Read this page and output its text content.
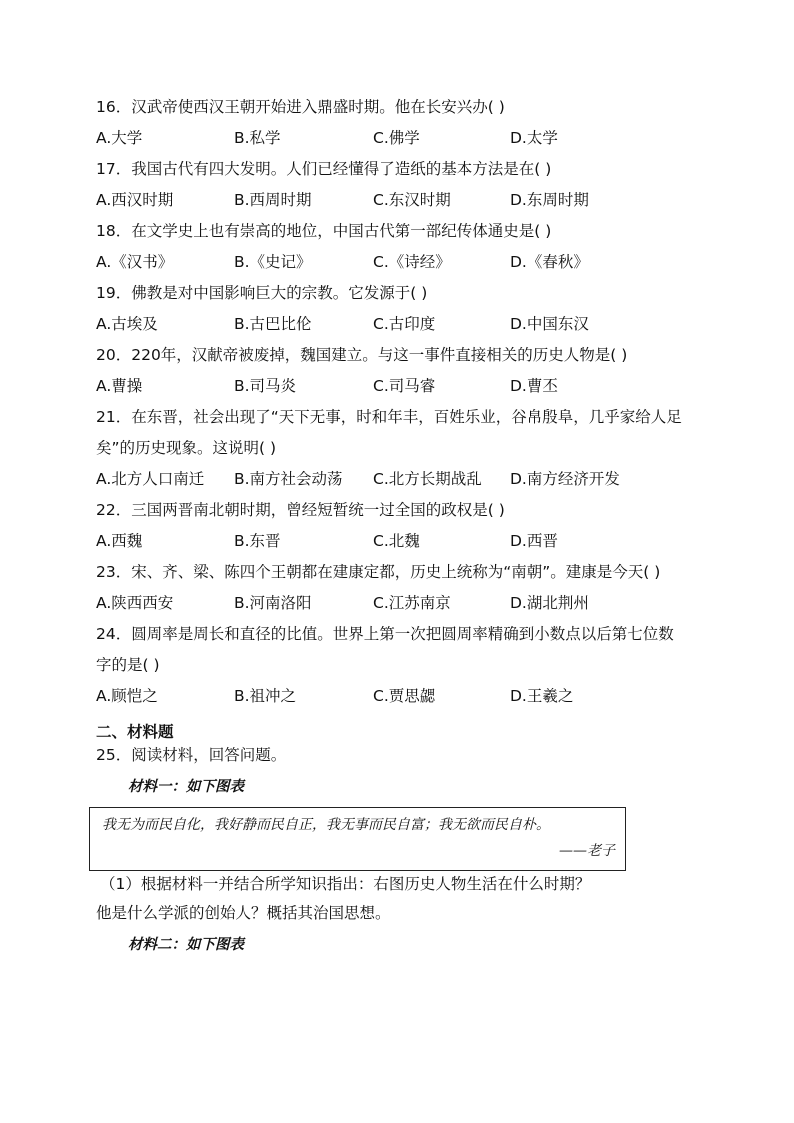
16．汉武帝使西汉王朝开始进入鼎盛时期。他在长安兴办( )
A.大学	B.私学	C.佛学	D.太学
17．我国古代有四大发明。人们已经懂得了造纸的基本方法是在( )
A.西汉时期	B.西周时期	C.东汉时期	D.东周时期
18．在文学史上也有崇高的地位，中国古代第一部纪传体通史是( )
A.《汉书》	B.《史记》	C.《诗经》	D.《春秋》
19．佛教是对中国影响巨大的宗教。它发源于( )
A.古埃及	B.古巴比伦	C.古印度	D.中国东汉
20．220年，汉献帝被废掉，魏国建立。与这一事件直接相关的历史人物是( )
A.曹操	B.司马炎	C.司马睿	D.曹丕
21．在东晋，社会出现了“天下无事，时和年丰，百姓乐业，谷帛殷阜，几乎家给人足
矣”的历史现象。这说明( )
A.北方人口南迁 B.南方社会动荡 C.北方长期战乱 D.南方经济开发
22．三国两晋南北朝时期，曾经短暂统一过全国的政权是( )
A.西魏	B.东晋	C.北魏	D.西晋
23．宋、齐、梁、陈四个王朝都在建康定都，历史上统称为“南朝”。建康是今天( )
A.陕西西安	B.河南洛阳	C.江苏南京	D.湖北荆州
24．圆周率是周长和直径的比值。世界上第一次把圆周率精确到小数点以后第七位数
字的是( )
A.顾恺之	B.祖冲之	C.贾思勰	D.王羲之
二、材料题
25．阅读材料，回答问题。
材料一：如下图表
我无为而民自化，我好静而民自正，我无事而民自富；我无欲而民自朴。
——老子
（1）根据材料一并结合所学知识指出：右图历史人物生活在什么时期？
他是什么学派的创始人？概括其治国思想。
材料二：如下图表
